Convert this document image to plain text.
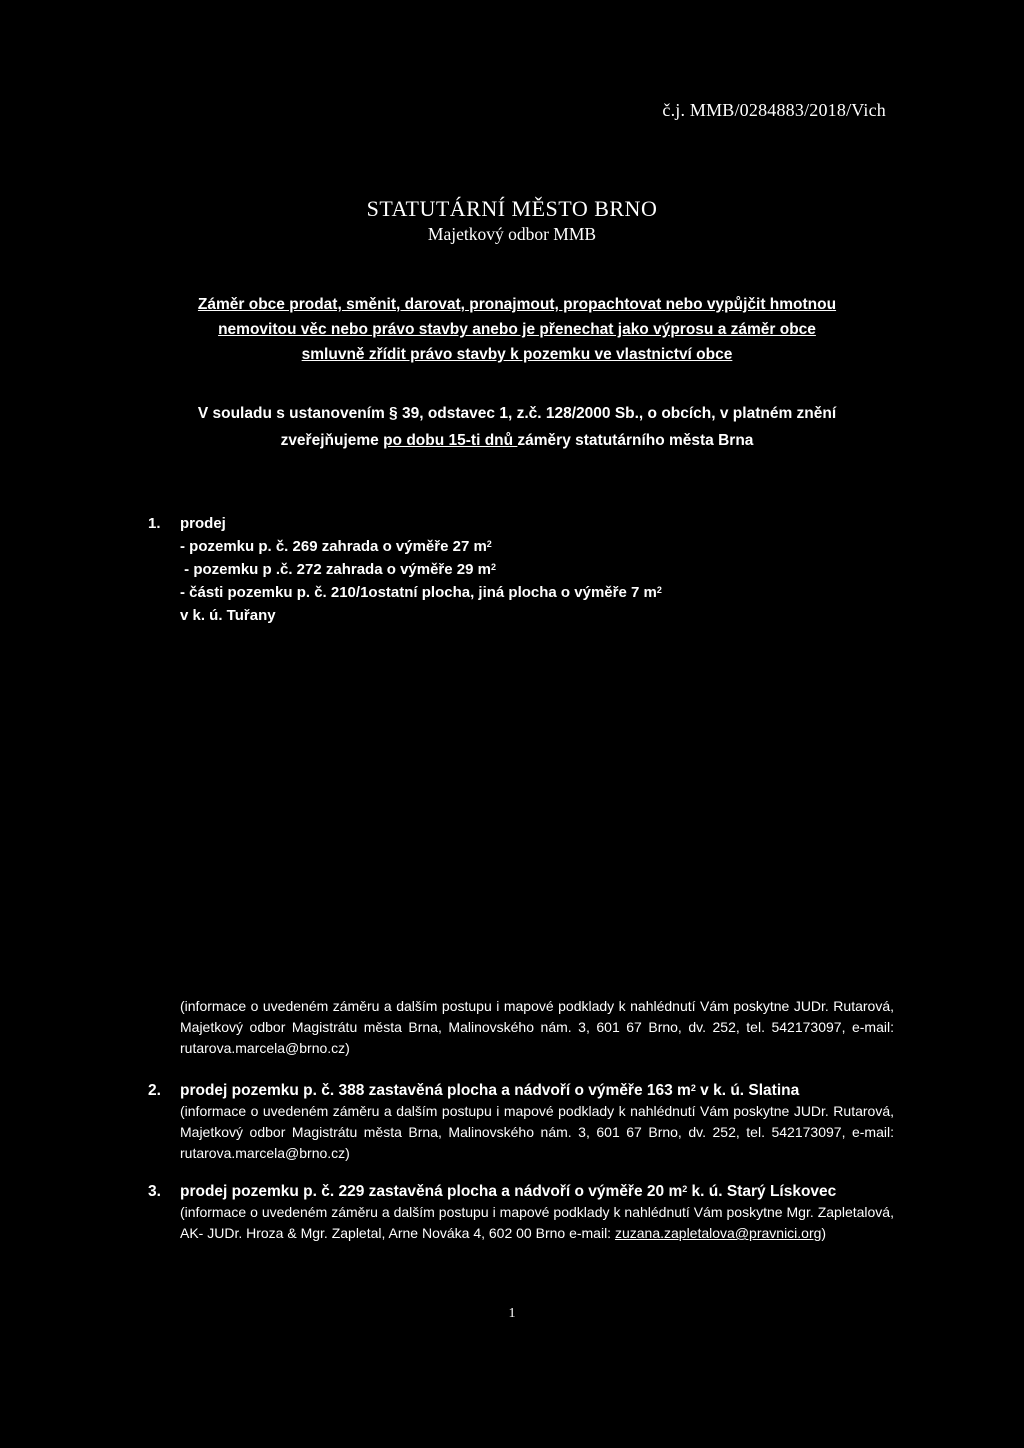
č.j. MMB/0284883/2018/Vich
STATUTÁRNÍ MĚSTO BRNO
Majetkový odbor MMB
Záměr obce prodat, směnit, darovat, pronajmout, propachtovat nebo vypůjčit hmotnou
nemovitou věc nebo právo stavby anebo je přenechat jako výprosu a záměr obce
smluvně zřídit právo stavby k pozemku ve vlastnictví obce
V souladu s ustanovením § 39, odstavec 1, z.č. 128/2000 Sb., o obcích, v platném znění
zveřejňujeme po dobu 15-ti dnů záměry statutárního města Brna
1. prodej
- pozemku p. č. 269 zahrada o výměře 27 $m^2$
- pozemku p .č. 272 zahrada o výměře 29 $m^2$
- části pozemku p. č. 210/1ostatní plocha, jiná plocha o výměře 7 $m^2$
v k. ú. Tuřany
(informace o uvedeném záměru a dalším postupu i mapové podklady k nahlédnutí Vám poskytne JUDr. Rutarová, Majetkový odbor Magistrátu města Brna, Malinovského nám. 3, 601 67 Brno, dv. 252, tel. 542173097, e-mail: rutarova.marcela@brno.cz)
2. prodej pozemku p. č. 388 zastavěná plocha a nádvoří o výměře 163 $m^2$ v k. ú. Slatina
(informace o uvedeném záměru a dalším postupu i mapové podklady k nahlédnutí Vám poskytne JUDr. Rutarová, Majetkový odbor Magistrátu města Brna, Malinovského nám. 3, 601 67 Brno, dv. 252, tel. 542173097, e-mail: rutarova.marcela@brno.cz)
3. prodej pozemku p. č. 229 zastavěná plocha a nádvoří o výměře 20 $m^2$ k. ú. Starý Lískovec
(informace o uvedeném záměru a dalším postupu i mapové podklady k nahlédnutí Vám poskytne Mgr. Zapletalová, AK- JUDr. Hroza & Mgr. Zapletal, Arne Nováka 4, 602 00 Brno e-mail: zuzana.zapletalova@pravnici.org)
1
